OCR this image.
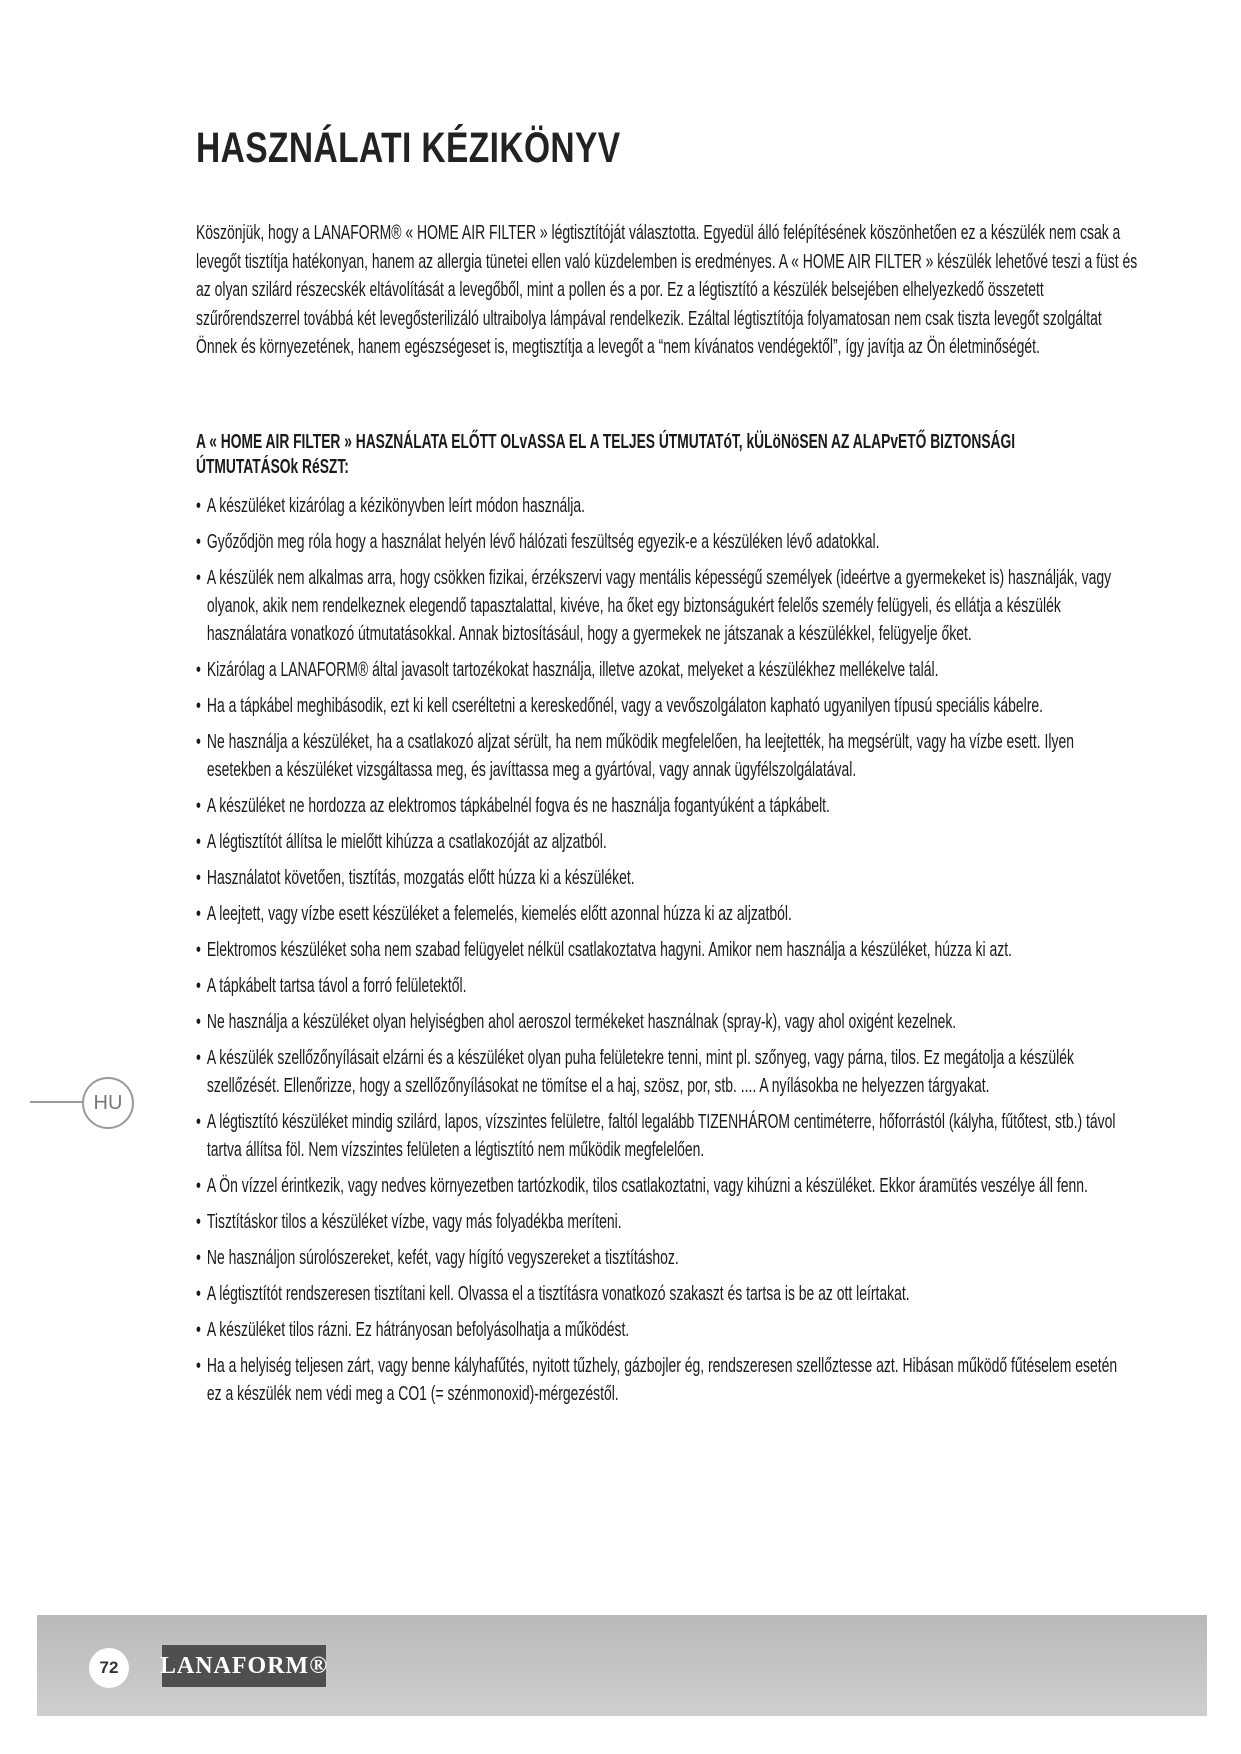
HASZNÁLATI KÉZIKÖNYV

Köszönjük, hogy a LANAFORM® « HOME AIR FILTER » légtisztítóját választotta. Egyedül álló felépítésének köszönhetően ez a készülék nem csak a levegőt tisztítja hatékonyan, hanem az allergia tünetei ellen való küzdelemben is eredményes. A « HOME AIR FILTER » készülék lehetővé teszi a füst és az olyan szilárd részecskék eltávolítását a levegőből, mint a pollen és a por. Ez a légtisztító a készülék belsejében elhelyezkedő összetett szűrőrendszerrel továbbá két levegősterilizáló ultraibolya lámpával rendelkezik. Ezáltal légtisztítója folyamatosan nem csak tiszta levegőt szolgáltat Önnek és környezetének, hanem egészségeset is, megtisztítja a levegőt a “nem kívánatos vendégektől”, így javítja az Ön életminőségét.

A « HOME AIR FILTER » HASZNÁLATA ELŐTT OLvASSA EL A TELJES ÚTMUTATóT, kÜLöNöSEN AZ ALAPvETŐ BIZTONSÁGI ÚTMUTATÁSOk RéSZT:
• A készüléket kizárólag a kézikönyvben leírt módon használja.
• Győződjön meg róla hogy a használat helyén lévő hálózati feszültség egyezik-e a készüléken lévő adatokkal.
• A készülék nem alkalmas arra, hogy csökken fizikai, érzékszervi vagy mentális képességű személyek (ideértve a gyermekeket is) használják, vagy olyanok, akik nem rendelkeznek elegendő tapasztalattal, kivéve, ha őket egy biztonságukért felelős személy felügyeli, és ellátja a készülék használatára vonatkozó útmutatásokkal. Annak biztosításául, hogy a gyermekek ne játszanak a készülékkel, felügyelje őket.
• Kizárólag a LANAFORM® által javasolt tartozékokat használja, illetve azokat, melyeket a készülékhez mellékelve talál.
• Ha a tápkábel meghibásodik, ezt ki kell cseréltetni a kereskedőnél, vagy a vevőszolgálaton kapható ugyanilyen típusú speciális kábelre.
• Ne használja a készüléket, ha a csatlakozó aljzat sérült, ha nem működik megfelelően, ha leejtették, ha megsérült, vagy ha vízbe esett. Ilyen esetekben a készüléket vizsgáltassa meg, és javíttassa meg a gyártóval, vagy annak ügyfélszolgálatával.
• A készüléket ne hordozza az elektromos tápkábelnél fogva és ne használja fogantyúként a tápkábelt.
• A légtisztítót állítsa le mielőtt kihúzza a csatlakozóját az aljzatból.
• Használatot követően, tisztítás, mozgatás előtt húzza ki a készüléket.
• A leejtett, vagy vízbe esett készüléket a felemelés, kiemelés előtt azonnal húzza ki az aljzatból.
• Elektromos készüléket soha nem szabad felügyelet nélkül csatlakoztatva hagyni. Amikor nem használja a készüléket, húzza ki azt.
• A tápkábelt tartsa távol a forró felületektől.
• Ne használja a készüléket olyan helyiségben ahol aeroszol termékeket használnak (spray-k), vagy ahol oxigént kezelnek.
• A készülék szellőzőnyílásait elzárni és a készüléket olyan puha felületekre tenni, mint pl. szőnyeg, vagy párna, tilos. Ez megátolja a készülék szellőzését. Ellenőrizze, hogy a szellőzőnyílásokat ne tömítse el a haj, szösz, por, stb. .... A nyílásokba ne helyezzen tárgyakat.
• A légtisztító készüléket mindig szilárd, lapos, vízszintes felületre, faltól legalább TIZENHÁROM centiméterre, hőforrástól (kályha, fűtőtest, stb.) távol tartva állítsa föl. Nem vízszintes felületen a légtisztító nem működik megfelelően.
• A Ön vízzel érintkezik, vagy nedves környezetben tartózkodik, tilos csatlakoztatni, vagy kihúzni a készüléket. Ekkor áramütés veszélye áll fenn.
• Tisztításkor tilos a készüléket vízbe, vagy más folyadékba meríteni.
• Ne használjon súrolószereket, kefét, vagy hígító vegyszereket a tisztításhoz.
• A légtisztítót rendszeresen tisztítani kell. Olvassa el a tisztításra vonatkozó szakaszt és tartsa is be az ott leírtakat.
• A készüléket tilos rázni. Ez hátrányosan befolyásolhatja a működést.
• Ha a helyiség teljesen zárt, vagy benne kályhafűtés, nyitott tűzhely, gázbojler ég, rendszeresen szellőztesse azt. Hibásan működő fűtéselem esetén ez a készülék nem védi meg a CO1 (= szénmonoxid)-mérgezéstől.
HU
72	LANAFORM®
